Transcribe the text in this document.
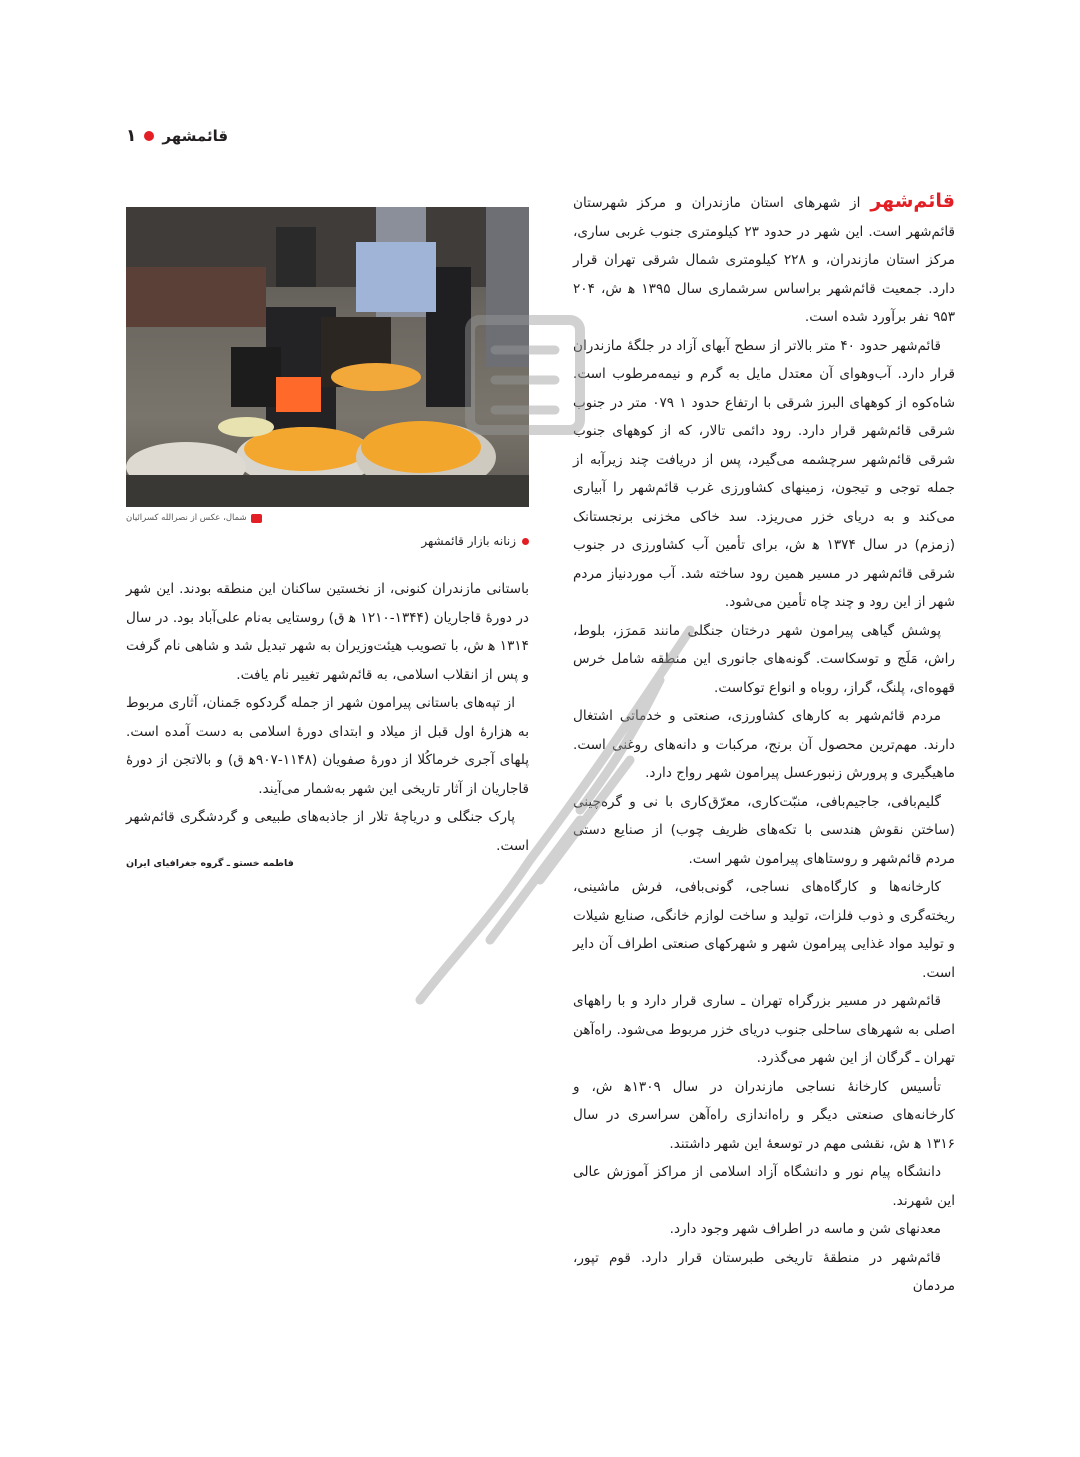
۱ قائمشهر
شمال، عکس از نصرالله کسرائیان
زنانه بازار قائمشهر

قائم‌شهراز شهرهای استان مازندران و مرکز شهرستان قائم‌شهر است. این شهر در حدود ۲۳ کیلومتری جنوب غربی ساری، مرکز استان مازندران، و ۲۲۸ کیلومتری شمال شرقی تهران قرار دارد. جمعیت قائم‌شهر براساس سرشماری سال ۱۳۹۵ ﻫ ش، ۲۰۴ ۹۵۳ نفر برآورد شده است.

قائم‌شهر حدود ۴۰ متر بالاتر از سطح آبهای آزاد در جلگهٔ مازندران قرار دارد. آب‌وهوای آن معتدل مایل به گرم و نیمه‌مرطوب است. شاه‌کوه از کوههای البرز شرقی با ارتفاع حدود ۱ ۰۷۹ متر در جنوب شرقی قائم‌شهر قرار دارد. رود دائمی تالار، که از کوههای جنوب شرقی قائم‌شهر سرچشمه می‌گیرد، پس از دریافت چند زیرآبه از جمله توجی و تیجون، زمینهای کشاورزی غرب قائم‌شهر را آبیاری می‌کند و به دریای خزر می‌ریزد. سد خاکی مخزنی برنجستانک (زمزم) در سال ۱۳۷۴ ﻫ ش، برای تأمین آب کشاورزی در جنوب شرقی قائم‌شهر در مسیر همین رود ساخته شد. آب موردنیاز مردم شهر از این رود و چند چاه تأمین می‌شود.

پوشش گیاهی پیرامون شهر درختان جنگلی مانند مَمرَز، بلوط، راش، مَلَج و توسکاست. گونه‌های جانوری این منطقه شامل خرس قهوه‌ای، پلنگ، گراز، روباه و انواع توکاست.

مردم قائم‌شهر به کارهای کشاورزی، صنعتی و خدماتی اشتغال دارند. مهم‌ترین محصول آن برنج، مرکبات و دانه‌های روغنی است. ماهیگیری و پرورش زنبورعسل پیرامون شهر رواج دارد.

گلیم‌بافی، جاجیم‌بافی، منبّت‌کاری، معرّق‌کاری با نی و گره‌چینی (ساختن نقوش هندسی با تکه‌های ظریف چوب) از صنایع دستی مردم قائم‌شهر و روستاهای پیرامون شهر است.

کارخانه‌ها و کارگاه‌های نساجی، گونی‌بافی، فرش ماشینی، ریخته‌گری و ذوب فلزات، تولید و ساخت لوازم خانگی، صنایع شیلات و تولید مواد غذایی پیرامون شهر و شهرکهای صنعتی اطراف آن دایر است.

قائم‌شهر در مسیر بزرگراه تهران ـ ساری قرار دارد و با راههای اصلی به شهرهای ساحلی جنوب دریای خزر مربوط می‌شود. راه‌آهن تهران ـ گرگان از این شهر می‌گذرد.

تأسیس کارخانهٔ نساجی مازندران در سال ۱۳۰۹ﻫ ش، و کارخانه‌های صنعتی دیگر و راه‌اندازی راه‌آهن سراسری در سال ۱۳۱۶ ﻫ ش، نقشی مهم در توسعهٔ این شهر داشتند.

دانشگاه پیام نور و دانشگاه آزاد اسلامی از مراکز آموزش عالی این شهرند.

معدنهای شن و ماسه در اطراف شهر وجود دارد.

قائم‌شهر در منطقهٔ تاریخی طبرستان قرار دارد. قوم تپور، مردمان

باستانی مازندران کنونی، از نخستین ساکنان این منطقه بودند. این شهر در دورهٔ قاجاریان (۱۳۴۴-۱۲۱۰ ﻫ ق) روستایی به‌نام علی‌آباد بود. در سال ۱۳۱۴ ﻫ ش، با تصویب هیئت‌وزیران به شهر تبدیل شد و شاهی نام گرفت و پس از انقلاب اسلامی، به قائم‌شهر تغییر نام یافت.

از تپه‌های باستانی پیرامون شهر از جمله گردکوه جَمنان، آثاری مربوط به هزارهٔ اول قبل از میلاد و ابتدای دورهٔ اسلامی به دست آمده است. پلهای آجری خرماکُلا از دورهٔ صفویان (۱۱۴۸-۹۰۷ﻫ ق) و بالاتجن از دورهٔ قاجاریان از آثار تاریخی این شهر به‌شمار می‌آیند.

پارک جنگلی و دریاچهٔ تلار از جاذبه‌های طبیعی و گردشگری قائم‌شهر است.

فاطمه خستو ـ گروه جغرافیای ایران
